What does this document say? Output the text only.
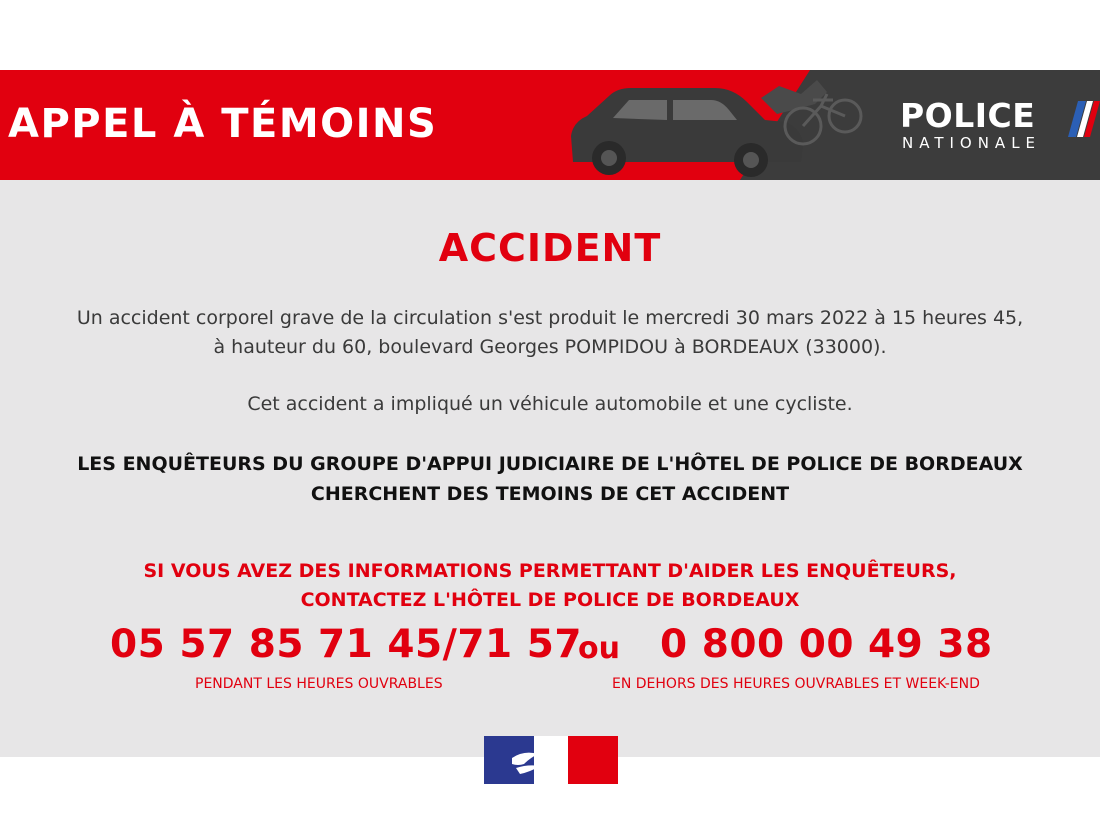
APPEL À TÉMOINS	POLICE
NATIONALE
ACCIDENT

Un accident corporel grave de la circulation s'est produit le mercredi 30 mars 2022 à 15 heures 45,
à hauteur du 60, boulevard Georges POMPIDOU à BORDEAUX (33000).

Cet accident a impliqué un véhicule automobile et une cycliste.

LES ENQUÊTEURS DU GROUPE D'APPUI JUDICIAIRE DE L'HÔTEL DE POLICE DE BORDEAUX
CHERCHENT DES TEMOINS DE CET ACCIDENT

SI VOUS AVEZ DES INFORMATIONS PERMETTANT D'AIDER LES ENQUÊTEURS,
CONTACTEZ L'HÔTEL DE POLICE DE BORDEAUX

05 57 85 71 45/71 57
ou 0 800 00 49 38
PENDANT LES HEURES OUVRABLES	EN DEHORS DES HEURES OUVRABLES ET WEEK-END
